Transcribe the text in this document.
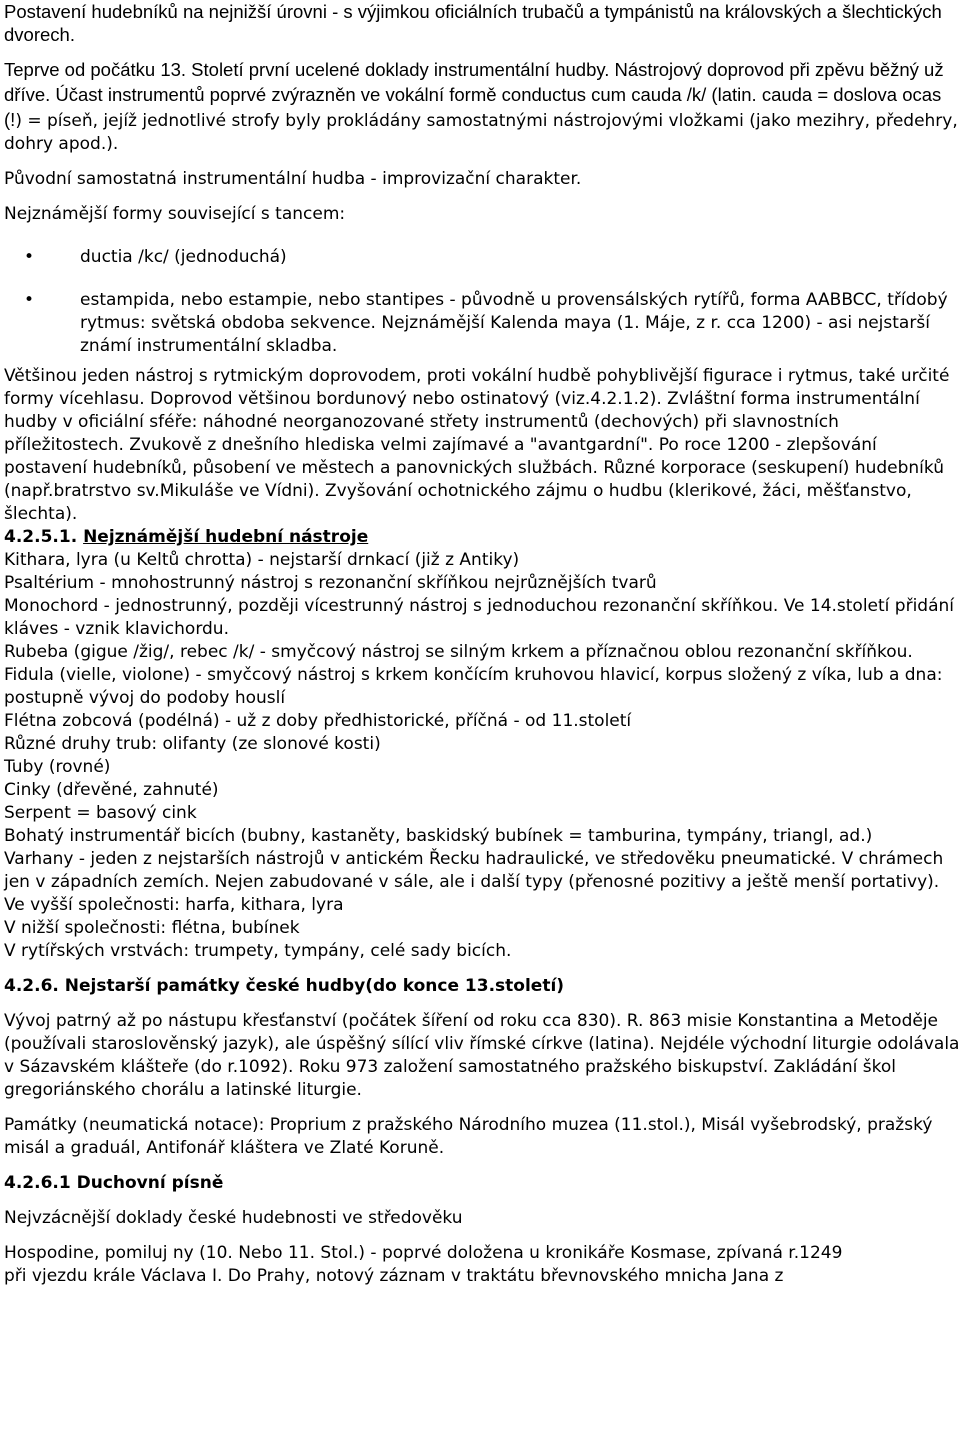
Postavení hudebníků na nejnižší úrovni - s výjimkou oficiálních trubačů a tympánistů na královských a šlechtických dvorech.

Teprve od počátku 13. Století první ucelené doklady instrumentální hudby. Nástrojový doprovod při zpěvu běžný už dříve. Účast instrumentů poprvé zvýrazněn ve vokální formě conductus cum cauda /k/ (latin. cauda = doslova ocas (!) = píseň, jejíž jednotlivé strofy byly prokládány samostatnými nástrojovými vložkami (jako mezihry, předehry, dohry apod.).

Původní samostatná instrumentální hudba - improvizační charakter.

Nejznámější formy související s tancem:

•	ductia /kc/ (jednoduchá)
•	estampida, nebo estampie, nebo stantipes - původně u provensálských rytířů, forma AABBCC, třídobý rytmus: světská obdoba sekvence. Nejznámější Kalenda maya (1. Máje, z r. cca 1200) - asi nejstarší známí instrumentální skladba.

Většinou jeden nástroj s rytmickým doprovodem, proti vokální hudbě pohyblivější figurace i rytmus, také určité formy vícehlasu. Doprovod většinou bordunový nebo ostinatový (viz.4.2.1.2). Zvláštní forma instrumentální hudby v oficiální sféře: náhodné neorganozované střety instrumentů (dechových) při slavnostních příležitostech. Zvukově z dnešního hlediska velmi zajímavé a "avantgardní". Po roce 1200 - zlepšování postavení hudebníků, působení ve městech a panovnických službách. Různé korporace (seskupení) hudebníků (např.bratrstvo sv.Mikuláše ve Vídni). Zvyšování ochotnického zájmu o hudbu (klerikové, žáci, měšťanstvo, šlechta).

4.2.5.1. Nejznámější hudební nástroje

Kithara, lyra (u Keltů chrotta) - nejstarší drnkací (již z Antiky)

Psaltérium - mnohostrunný nástroj s rezonanční skříňkou nejrůznějších tvarů

Monochord - jednostrunný, později vícestrunný nástroj s jednoduchou rezonanční skříňkou. Ve 14.století přidání kláves - vznik klavichordu.

Rubeba (gigue /žig/, rebec /k/ - smyčcový nástroj se silným krkem a příznačnou oblou rezonanční skříňkou.

Fidula (vielle, violone) - smyčcový nástroj s krkem končícím kruhovou hlavicí, korpus složený z víka, lub a dna: postupně vývoj do podoby houslí

Flétna zobcová (podélná) - už z doby předhistorické, příčná - od 11.století

Různé druhy trub: olifanty (ze slonové kosti)

Tuby (rovné)

Cinky (dřevěné, zahnuté)

Serpent = basový cink

Bohatý instrumentář bicích (bubny, kastaněty, baskidský bubínek = tamburina, tympány, triangl, ad.)

Varhany - jeden z nejstarších nástrojů v antickém Řecku hadraulické, ve středověku pneumatické. V chrámech jen v západních zemích. Nejen zabudované v sále, ale i další typy (přenosné pozitivy a ještě menší portativy).

Ve vyšší společnosti: harfa, kithara, lyra

V nižší společnosti: flétna, bubínek

V rytířských vrstvách: trumpety, tympány, celé sady bicích.

4.2.6. Nejstarší památky české hudby(do konce 13.století)

Vývoj patrný až po nástupu křesťanství (počátek šíření od roku cca 830). R. 863 misie Konstantina a Metoděje (používali staroslověnský jazyk), ale úspěšný sílící vliv římské církve (latina). Nejdéle východní liturgie odolávala v Sázavském klášteře (do r.1092). Roku 973 založení samostatného pražského biskupství. Zakládání škol gregoriánského chorálu a latinské liturgie.

Památky (neumatická notace): Proprium z pražského Národního muzea (11.stol.), Misál vyšebrodský, pražský misál a graduál, Antifonář kláštera ve Zlaté Koruně.

4.2.6.1 Duchovní písně

Nejvzácnější doklady české hudebnosti ve středověku

Hospodine, pomiluj ny (10. Nebo 11. Stol.) - poprvé doložena u kronikáře Kosmase, zpívaná r.1249
při vjezdu krále Václava I. Do Prahy, notový záznam v traktátu břevnovského mnicha Jana z
